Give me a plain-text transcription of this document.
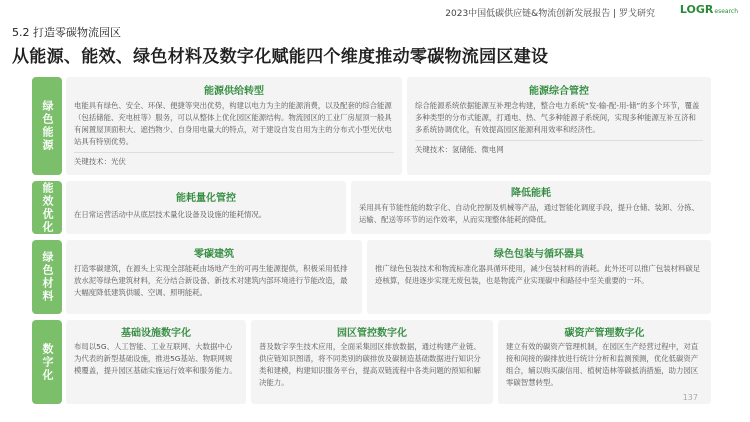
2023中国低碳供应链&物流创新发展报告 | 罗戈研究 LOGResearch
5.2 打造零碳物流园区
从能源、能效、绿色材料及数字化赋能四个维度推动零碳物流园区建设
绿色能源
能源供给转型
电能具有绿色、安全、环保、便捷等突出优势，构建以电力为主的能源消费，以及配套的综合能源（包括储能、充电桩等）服务，可以从整体上优化园区能源结构。物流园区的工业厂房屋顶一般具有闲置屋顶面积大、遮挡物少、自身用电量大的特点，对于建设自发自用为主的分布式小型光伏电站具有特别优势。
关键技术：光伏
能源综合管控
综合能源系统依据能源互补理念构建，整合电力系统“发-输-配-用-储”的多个环节，覆盖多种类型的分布式能源，打通电、热、气多种能源子系统间，实现多种能源互补互济和多系统协调优化，有效提高园区能源利用效率和经济性。
关键技术：氢储能、微电网
能效优化	能耗量化管控
在日常运营活动中从底层技术量化设备及设施的能耗情况。
降低能耗
采用具有节能性能的数字化、自动化控制及机械等产品，通过智能化调度手段，提升仓储、装卸、分拣、运输、配送等环节的运作效率，从而实现整体能耗的降低。
绿色材料	零碳建筑
打造零碳建筑，在源头上实现全部能耗由场地产生的可再生能源提供，积极采用低排放水泥等绿色建筑材料，充分结合新设备、新技术对建筑内部环境进行节能改造，最大幅度降低建筑供暖、空调、照明能耗。
绿色包装与循环器具
推广绿色包装技术和物流标准化器具循环使用，减少包装材料的消耗。此外还可以推广包装材料碳足迹核算，促进逐步实现无废包装，也是物流产业实现碳中和路径中至关重要的一环。
数字化
基础设施数字化
布局以5G、人工智能、工业互联网、大数据中心为代表的新型基础设施，推进5G基站、物联网规模覆盖，提升园区基础实施运行效率和服务能力。
园区管控数字化
普及数字孪生技术应用，全面采集园区排放数据，通过构建产业链、供应链知识图谱，将不同类别的碳排放及碳制造基础数据进行知识分类和建模，构建知识服务平台，提高双链流程中各类问题的预知和解决能力。
碳资产管理数字化
建立有效的碳资产管理机制，在园区生产经营过程中，对直接和间接的碳排放进行统计分析和监测预测，优化低碳资产组合，辅以购买碳信用、植树造林等碳抵消措施，助力园区零碳智慧转型。
137
